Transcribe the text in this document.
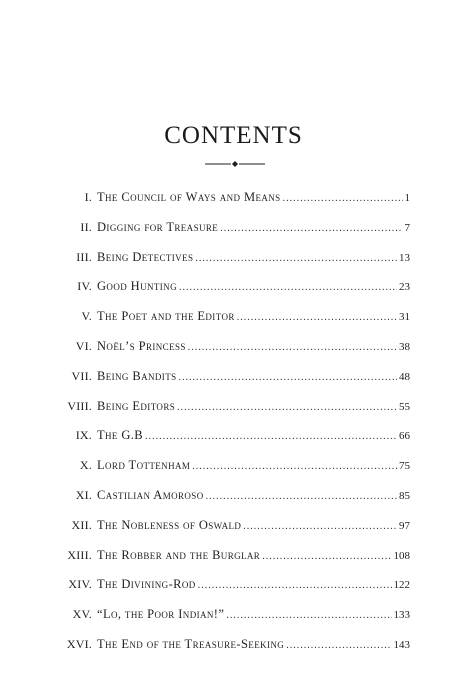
CONTENTS
I. The Council of Ways and Means .....	1
II. Digging for Treasure .....	7
III. Being Detectives .....	13
IV. Good Hunting .....	23
V. The Poet and the Editor .....	31
VI. Noël’s Princess .....	38
VII. Being Bandits .....	48
VIII. Being Editors .....	55
IX. The G.B .....	66
X. Lord Tottenham .....	75
XI. Castilian Amoroso .....	85
XII. The Nobleness of Oswald .....	97
XIII. The Robber and the Burglar .....	108
XIV. The Divining-Rod .....	122
XV. “Lo, the Poor Indian!” .....	133
XVI. The End of the Treasure-Seeking .....	143
